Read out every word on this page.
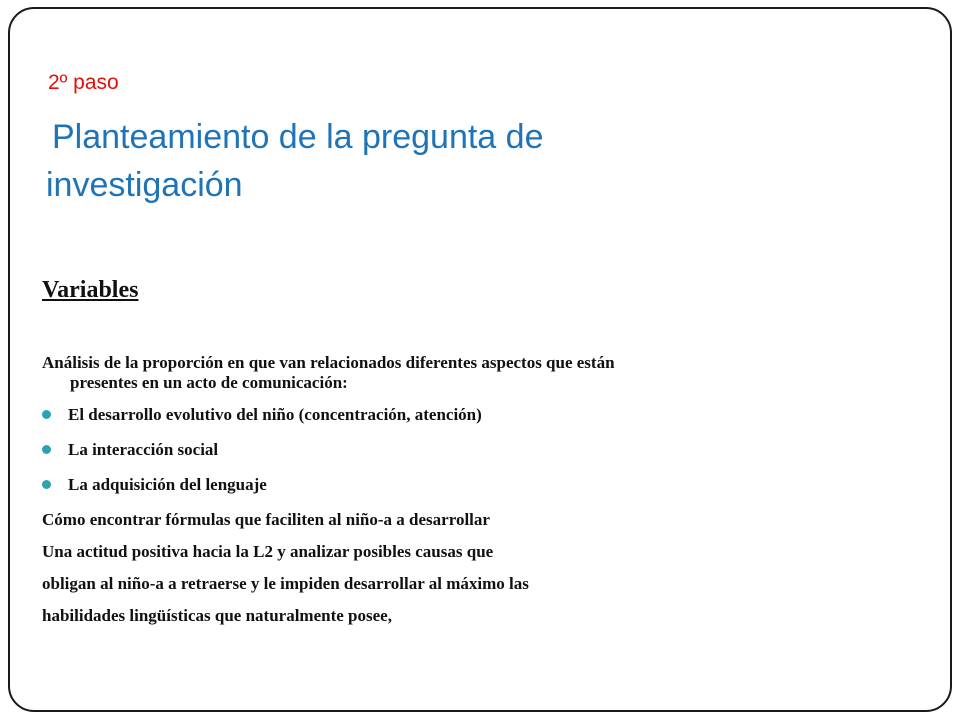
2º paso
Planteamiento de la pregunta de
investigación
Variables

Análisis de la proporción en que van relacionados diferentes aspectos que están
presentes en un acto de comunicación:

El desarrollo evolutivo del niño (concentración, atención)
La interacción social
La adquisición del lenguaje

Cómo encontrar fórmulas que faciliten al niño-a a desarrollar

Una actitud positiva hacia la L2 y analizar posibles causas que

obligan al niño-a a retraerse y le impiden desarrollar al máximo las

habilidades lingüísticas que naturalmente posee,
